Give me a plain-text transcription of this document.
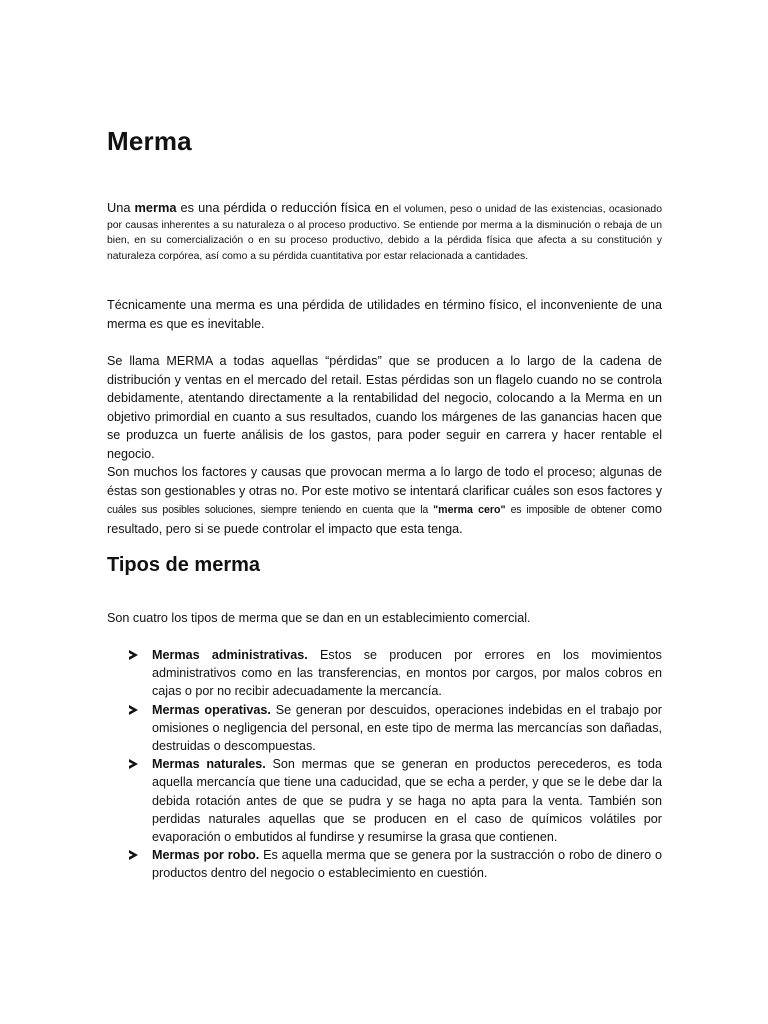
Merma

Una merma es una pérdida o reducción física en el volumen, peso o unidad de las existencias, ocasionado por causas inherentes a su naturaleza o al proceso productivo. Se entiende por merma a la disminución o rebaja de un bien, en su comercialización o en su proceso productivo, debido a la pérdida física que afecta a su constitución y naturaleza corpórea, así como a su pérdida cuantitativa por estar relacionada a cantidades.

Técnicamente una merma es una pérdida de utilidades en término físico, el inconveniente de una merma es que es inevitable.

Se llama MERMA a todas aquellas “pérdidas” que se producen a lo largo de la cadena de distribución y ventas en el mercado del retail. Estas pérdidas son un flagelo cuando no se controla debidamente, atentando directamente a la rentabilidad del negocio, colocando a la Merma en un objetivo primordial en cuanto a sus resultados, cuando los márgenes de las ganancias hacen que se produzca un fuerte análisis de los gastos, para poder seguir en carrera y hacer rentable el negocio.
Son muchos los factores y causas que provocan merma a lo largo de todo el proceso; algunas de éstas son gestionables y otras no. Por este motivo se intentará clarificar cuáles son esos factores y cuáles sus posibles soluciones, siempre teniendo en cuenta que la "merma cero" es imposible de obtener como resultado, pero si se puede controlar el impacto que esta tenga.
Tipos de merma

Son cuatro los tipos de merma que se dan en un establecimiento comercial.

Mermas administrativas. Estos se producen por errores en los movimientos administrativos como en las transferencias, en montos por cargos, por malos cobros en cajas o por no recibir adecuadamente la mercancía.
Mermas operativas. Se generan por descuidos, operaciones indebidas en el trabajo por omisiones o negligencia del personal, en este tipo de merma las mercancías son dañadas, destruidas o descompuestas.
Mermas naturales. Son mermas que se generan en productos perecederos, es toda aquella mercancía que tiene una caducidad, que se echa a perder, y que se le debe dar la debida rotación antes de que se pudra y se haga no apta para la venta. También son perdidas naturales aquellas que se producen en el caso de químicos volátiles por evaporación o embutidos al fundirse y resumirse la grasa que contienen.
Mermas por robo. Es aquella merma que se genera por la sustracción o robo de dinero o productos dentro del negocio o establecimiento en cuestión.
